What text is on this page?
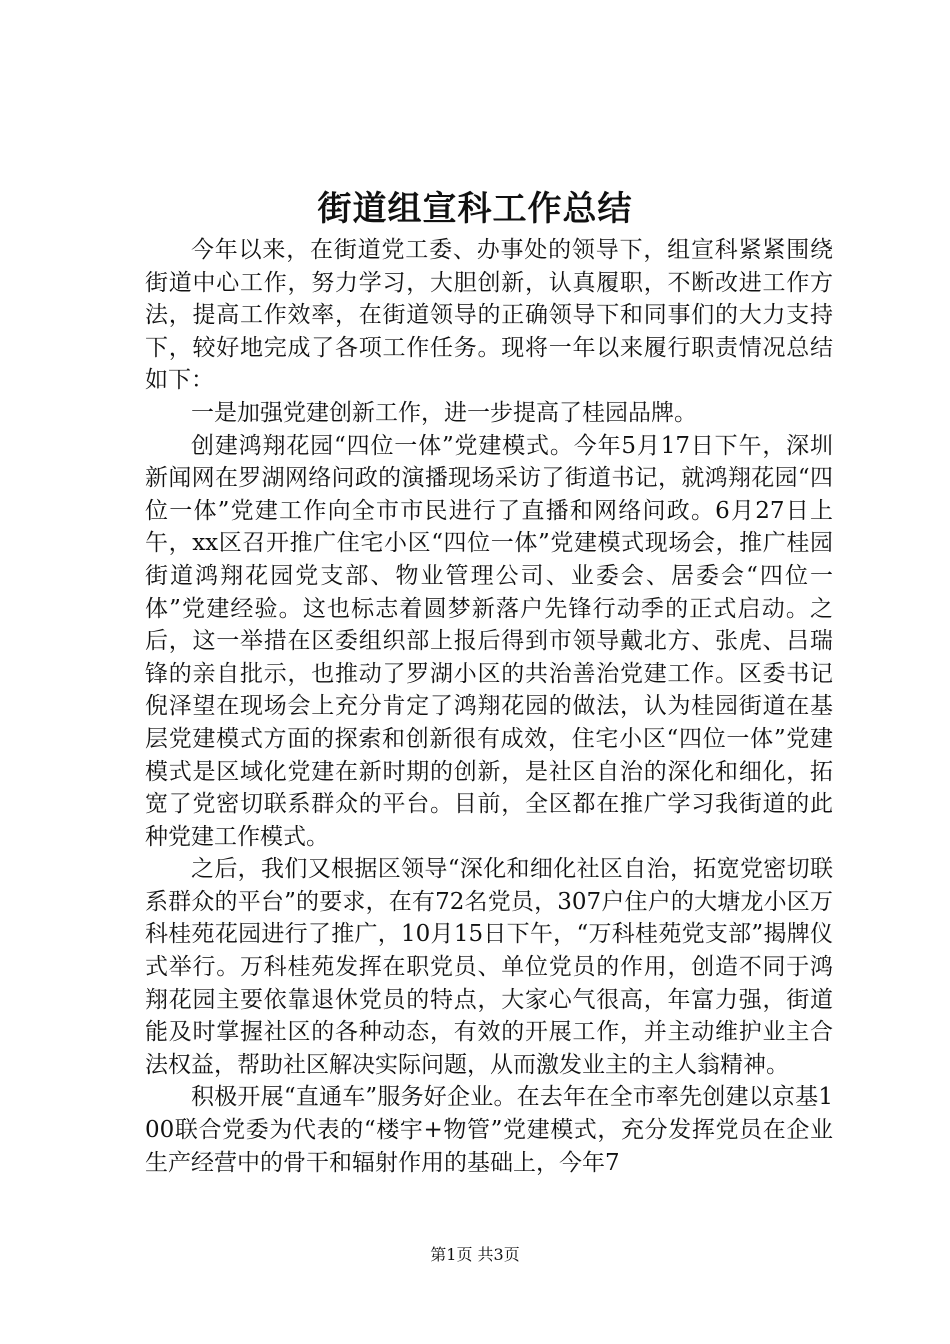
街道组宣科工作总结

今年以来，在街道党工委、办事处的领导下，组宣科紧紧围绕街道中心工作，努力学习，大胆创新，认真履职，不断改进工作方法，提高工作效率，在街道领导的正确领导下和同事们的大力支持下，较好地完成了各项工作任务。现将一年以来履行职责情况总结如下：

一是加强党建创新工作，进一步提高了桂园品牌。

创建鸿翔花园“四位一体”党建模式。今年5月17日下午，深圳新闻网在罗湖网络问政的演播现场采访了街道书记，就鸿翔花园“四位一体”党建工作向全市市民进行了直播和网络问政。6月27日上午，xx区召开推广住宅小区“四位一体”党建模式现场会，推广桂园街道鸿翔花园党支部、物业管理公司、业委会、居委会“四位一体”党建经验。这也标志着圆梦新落户先锋行动季的正式启动。之后，这一举措在区委组织部上报后得到市领导戴北方、张虎、吕瑞锋的亲自批示，也推动了罗湖小区的共治善治党建工作。区委书记倪泽望在现场会上充分肯定了鸿翔花园的做法，认为桂园街道在基层党建模式方面的探索和创新很有成效，住宅小区“四位一体”党建模式是区域化党建在新时期的创新，是社区自治的深化和细化，拓宽了党密切联系群众的平台。目前，全区都在推广学习我街道的此种党建工作模式。

之后，我们又根据区领导“深化和细化社区自治，拓宽党密切联系群众的平台”的要求，在有72名党员，307户住户的大塘龙小区万科桂苑花园进行了推广，10月15日下午，“万科桂苑党支部”揭牌仪式举行。万科桂苑发挥在职党员、单位党员的作用，创造不同于鸿翔花园主要依靠退休党员的特点，大家心气很高，年富力强，街道能及时掌握社区的各种动态，有效的开展工作，并主动维护业主合法权益，帮助社区解决实际问题，从而激发业主的主人翁精神。

积极开展“直通车”服务好企业。在去年在全市率先创建以京基100联合党委为代表的“楼宇+物管”党建模式，充分发挥党员在企业生产经营中的骨干和辐射作用的基础上，今年7

第1页 共3页
